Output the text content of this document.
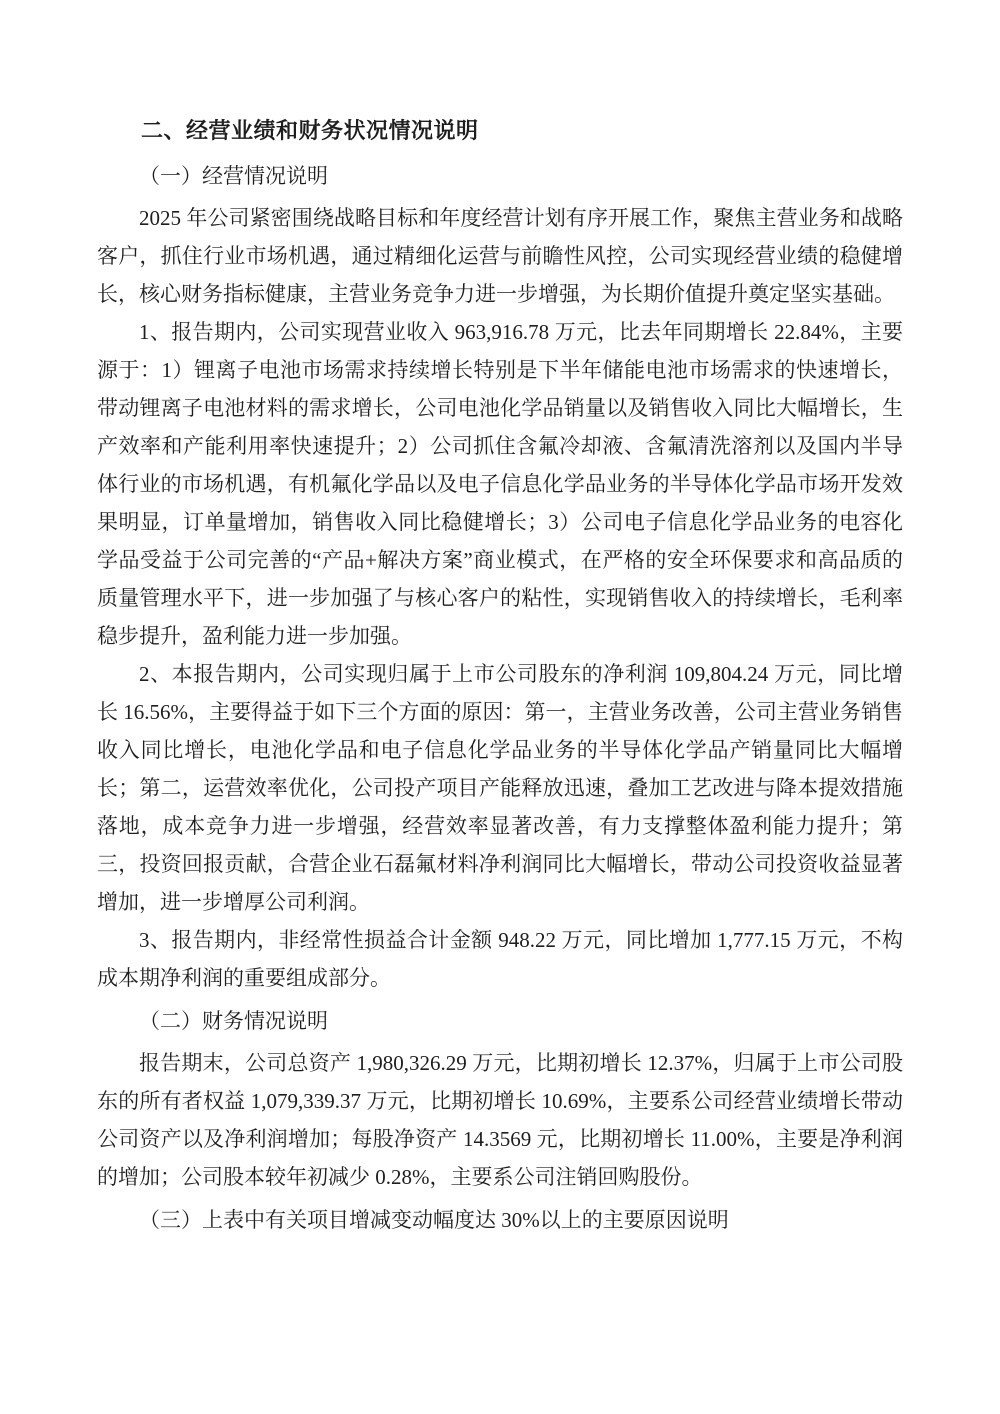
二、经营业绩和财务状况情况说明

（一）经营情况说明

2025 年公司紧密围绕战略目标和年度经营计划有序开展工作，聚焦主营业务和战略客户，抓住行业市场机遇，通过精细化运营与前瞻性风控，公司实现经营业绩的稳健增长，核心财务指标健康，主营业务竞争力进一步增强，为长期价值提升奠定坚实基础。

1、报告期内，公司实现营业收入 963,916.78 万元，比去年同期增长 22.84%，主要源于：1）锂离子电池市场需求持续增长特别是下半年储能电池市场需求的快速增长，带动锂离子电池材料的需求增长，公司电池化学品销量以及销售收入同比大幅增长，生产效率和产能利用率快速提升；2）公司抓住含氟冷却液、含氟清洗溶剂以及国内半导体行业的市场机遇，有机氟化学品以及电子信息化学品业务的半导体化学品市场开发效果明显，订单量增加，销售收入同比稳健增长；3）公司电子信息化学品业务的电容化学品受益于公司完善的“产品+解决方案”商业模式，在严格的安全环保要求和高品质的质量管理水平下，进一步加强了与核心客户的粘性，实现销售收入的持续增长，毛利率稳步提升，盈利能力进一步加强。

2、本报告期内，公司实现归属于上市公司股东的净利润 109,804.24 万元，同比增长 16.56%，主要得益于如下三个方面的原因：第一，主营业务改善，公司主营业务销售收入同比增长，电池化学品和电子信息化学品业务的半导体化学品产销量同比大幅增长；第二，运营效率优化，公司投产项目产能释放迅速，叠加工艺改进与降本提效措施落地，成本竞争力进一步增强，经营效率显著改善，有力支撑整体盈利能力提升；第三，投资回报贡献，合营企业石磊氟材料净利润同比大幅增长，带动公司投资收益显著增加，进一步增厚公司利润。

3、报告期内，非经常性损益合计金额 948.22 万元，同比增加 1,777.15 万元，不构成本期净利润的重要组成部分。

（二）财务情况说明

报告期末，公司总资产 1,980,326.29 万元，比期初增长 12.37%，归属于上市公司股东的所有者权益 1,079,339.37 万元，比期初增长 10.69%，主要系公司经营业绩增长带动公司资产以及净利润增加；每股净资产 14.3569 元，比期初增长 11.00%，主要是净利润的增加；公司股本较年初减少 0.28%，主要系公司注销回购股份。

（三）上表中有关项目增减变动幅度达 30%以上的主要原因说明
